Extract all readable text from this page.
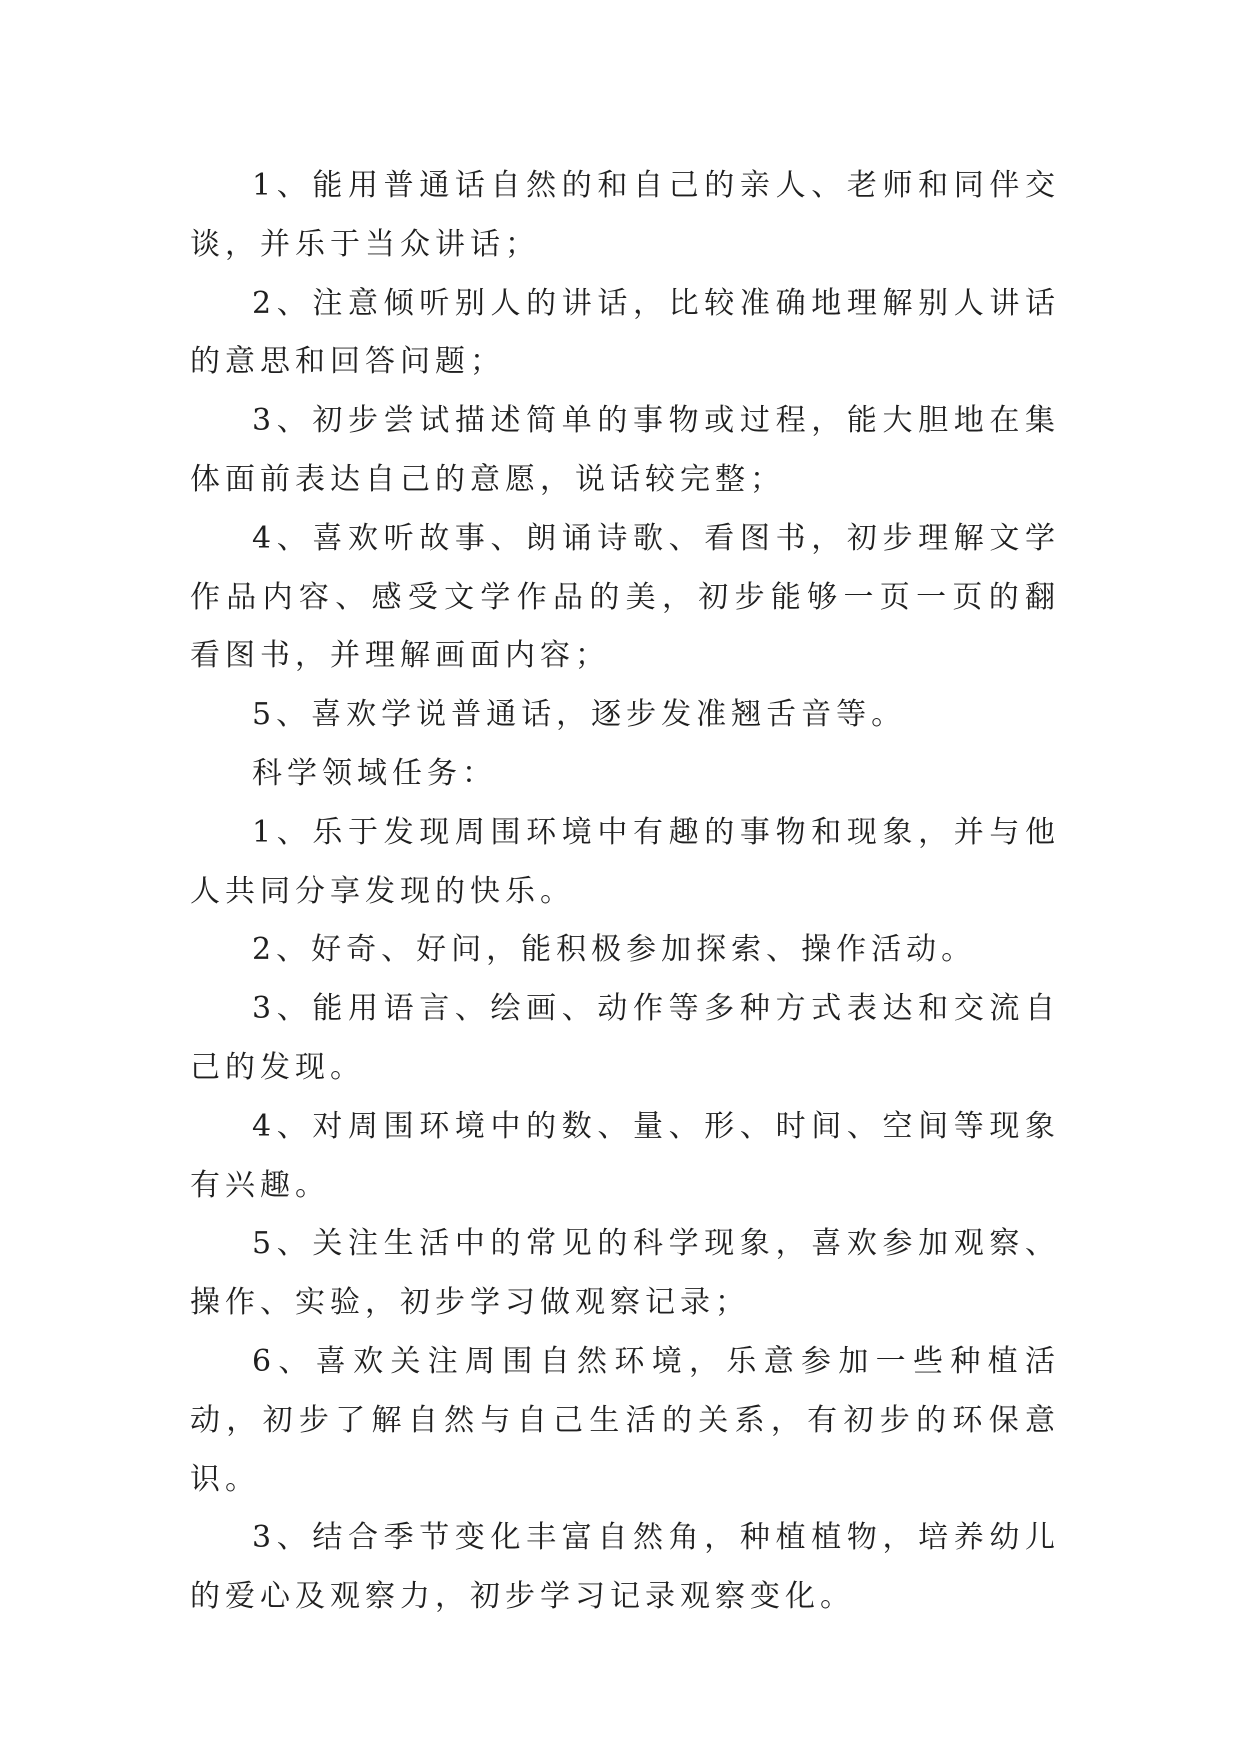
1、能用普通话自然的和自己的亲人、老师和同伴交谈，并乐于当众讲话；

2、注意倾听别人的讲话，比较准确地理解别人讲话的意思和回答问题；

3、初步尝试描述简单的事物或过程，能大胆地在集体面前表达自己的意愿，说话较完整；

4、喜欢听故事、朗诵诗歌、看图书，初步理解文学作品内容、感受文学作品的美，初步能够一页一页的翻看图书，并理解画面内容；

5、喜欢学说普通话，逐步发准翘舌音等。

科学领域任务：

1、乐于发现周围环境中有趣的事物和现象，并与他人共同分享发现的快乐。

2、好奇、好问，能积极参加探索、操作活动。

3、能用语言、绘画、动作等多种方式表达和交流自己的发现。

4、对周围环境中的数、量、形、时间、空间等现象有兴趣。

5、关注生活中的常见的科学现象，喜欢参加观察、操作、实验，初步学习做观察记录；

6、喜欢关注周围自然环境，乐意参加一些种植活动，初步了解自然与自己生活的关系，有初步的环保意识。

3、结合季节变化丰富自然角，种植植物，培养幼儿的爱心及观察力，初步学习记录观察变化。
